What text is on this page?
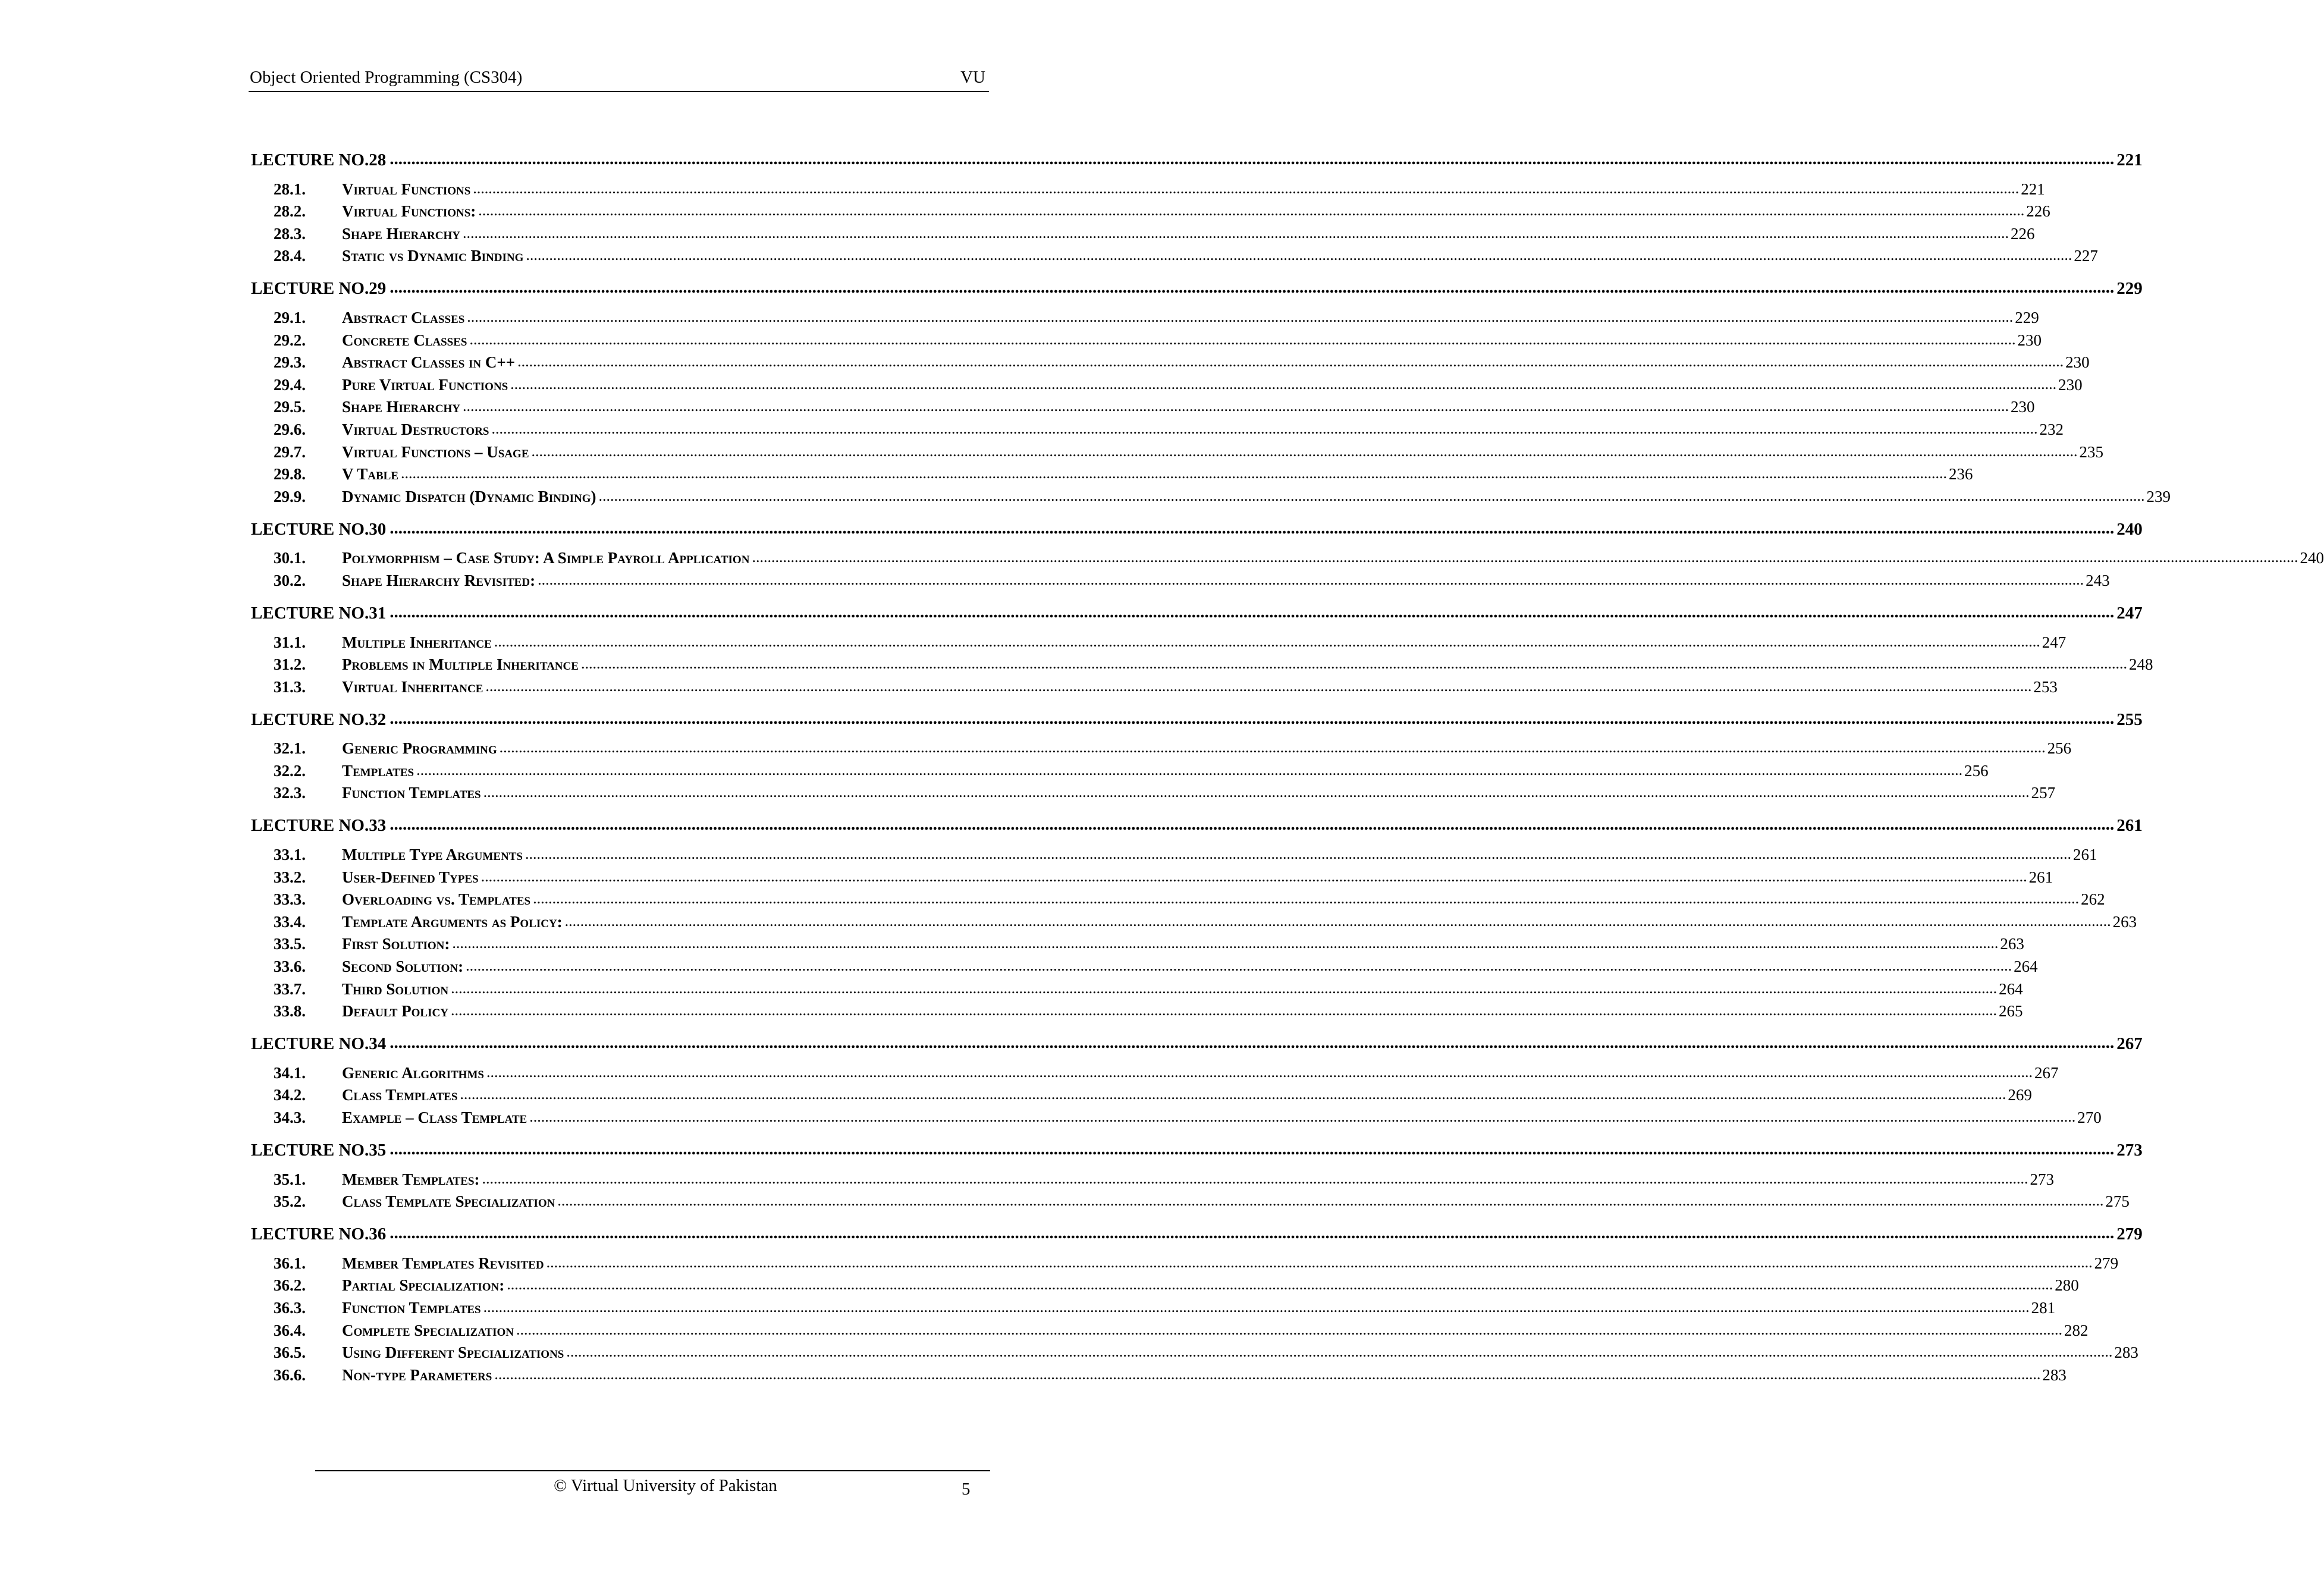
Object Oriented Programming (CS304)	VU
LECTURE NO.28 ................................................................................................................................................................................................................................................................................................................................................................................................................ 221
28.1.	Virtual Functions ................................................................................................................................................................................................................................................................................................................................................................................................................ 221
28.2.	Virtual Functions: ................................................................................................................................................................................................................................................................................................................................................................................................................ 226
28.3.	Shape Hierarchy ................................................................................................................................................................................................................................................................................................................................................................................................................ 226
28.4.	Static vs Dynamic Binding ................................................................................................................................................................................................................................................................................................................................................................................................................ 227
LECTURE NO.29 ................................................................................................................................................................................................................................................................................................................................................................................................................ 229
29.1.	Abstract Classes ................................................................................................................................................................................................................................................................................................................................................................................................................ 229
29.2.	Concrete Classes ................................................................................................................................................................................................................................................................................................................................................................................................................ 230
29.3.	Abstract Classes in C++ ................................................................................................................................................................................................................................................................................................................................................................................................................ 230
29.4.	Pure Virtual Functions ................................................................................................................................................................................................................................................................................................................................................................................................................ 230
29.5.	Shape Hierarchy ................................................................................................................................................................................................................................................................................................................................................................................................................ 230
29.6.	Virtual Destructors ................................................................................................................................................................................................................................................................................................................................................................................................................ 232
29.7.	Virtual Functions – Usage ................................................................................................................................................................................................................................................................................................................................................................................................................ 235
29.8.	V Table ................................................................................................................................................................................................................................................................................................................................................................................................................ 236
29.9.	Dynamic Dispatch (Dynamic Binding) ................................................................................................................................................................................................................................................................................................................................................................................................................ 239
LECTURE NO.30 ................................................................................................................................................................................................................................................................................................................................................................................................................ 240
30.1.	Polymorphism – Case Study: A Simple Payroll Application ................................................................................................................................................................................................................................................................................................................................................................................................................ 240
30.2.	Shape Hierarchy Revisited: ................................................................................................................................................................................................................................................................................................................................................................................................................ 243
LECTURE NO.31 ................................................................................................................................................................................................................................................................................................................................................................................................................ 247
31.1.	Multiple Inheritance ................................................................................................................................................................................................................................................................................................................................................................................................................ 247
31.2.	Problems in Multiple Inheritance ................................................................................................................................................................................................................................................................................................................................................................................................................ 248
31.3.	Virtual Inheritance ................................................................................................................................................................................................................................................................................................................................................................................................................ 253
LECTURE NO.32 ................................................................................................................................................................................................................................................................................................................................................................................................................ 255
32.1.	Generic Programming ................................................................................................................................................................................................................................................................................................................................................................................................................ 256
32.2.	Templates ................................................................................................................................................................................................................................................................................................................................................................................................................ 256
32.3.	Function Templates ................................................................................................................................................................................................................................................................................................................................................................................................................ 257
LECTURE NO.33 ................................................................................................................................................................................................................................................................................................................................................................................................................ 261
33.1.	Multiple Type Arguments ................................................................................................................................................................................................................................................................................................................................................................................................................ 261
33.2.	User-Defined Types ................................................................................................................................................................................................................................................................................................................................................................................................................ 261
33.3.	Overloading vs. Templates ................................................................................................................................................................................................................................................................................................................................................................................................................ 262
33.4.	Template Arguments as Policy: ................................................................................................................................................................................................................................................................................................................................................................................................................ 263
33.5.	First Solution: ................................................................................................................................................................................................................................................................................................................................................................................................................ 263
33.6.	Second Solution: ................................................................................................................................................................................................................................................................................................................................................................................................................ 264
33.7.	Third Solution ................................................................................................................................................................................................................................................................................................................................................................................................................ 264
33.8.	Default Policy ................................................................................................................................................................................................................................................................................................................................................................................................................ 265
LECTURE NO.34 ................................................................................................................................................................................................................................................................................................................................................................................................................ 267
34.1.	Generic Algorithms ................................................................................................................................................................................................................................................................................................................................................................................................................ 267
34.2.	Class Templates ................................................................................................................................................................................................................................................................................................................................................................................................................ 269
34.3.	Example – Class Template ................................................................................................................................................................................................................................................................................................................................................................................................................ 270
LECTURE NO.35 ................................................................................................................................................................................................................................................................................................................................................................................................................ 273
35.1.	Member Templates: ................................................................................................................................................................................................................................................................................................................................................................................................................ 273
35.2.	Class Template Specialization ................................................................................................................................................................................................................................................................................................................................................................................................................ 275
LECTURE NO.36 ................................................................................................................................................................................................................................................................................................................................................................................................................ 279
36.1.	Member Templates Revisited ................................................................................................................................................................................................................................................................................................................................................................................................................ 279
36.2.	Partial Specialization: ................................................................................................................................................................................................................................................................................................................................................................................................................ 280
36.3.	Function Templates ................................................................................................................................................................................................................................................................................................................................................................................................................ 281
36.4.	Complete Specialization ................................................................................................................................................................................................................................................................................................................................................................................................................ 282
36.5.	Using Different Specializations ................................................................................................................................................................................................................................................................................................................................................................................................................ 283
36.6.	Non-type Parameters ................................................................................................................................................................................................................................................................................................................................................................................................................ 283
© Virtual University of Pakistan	5
